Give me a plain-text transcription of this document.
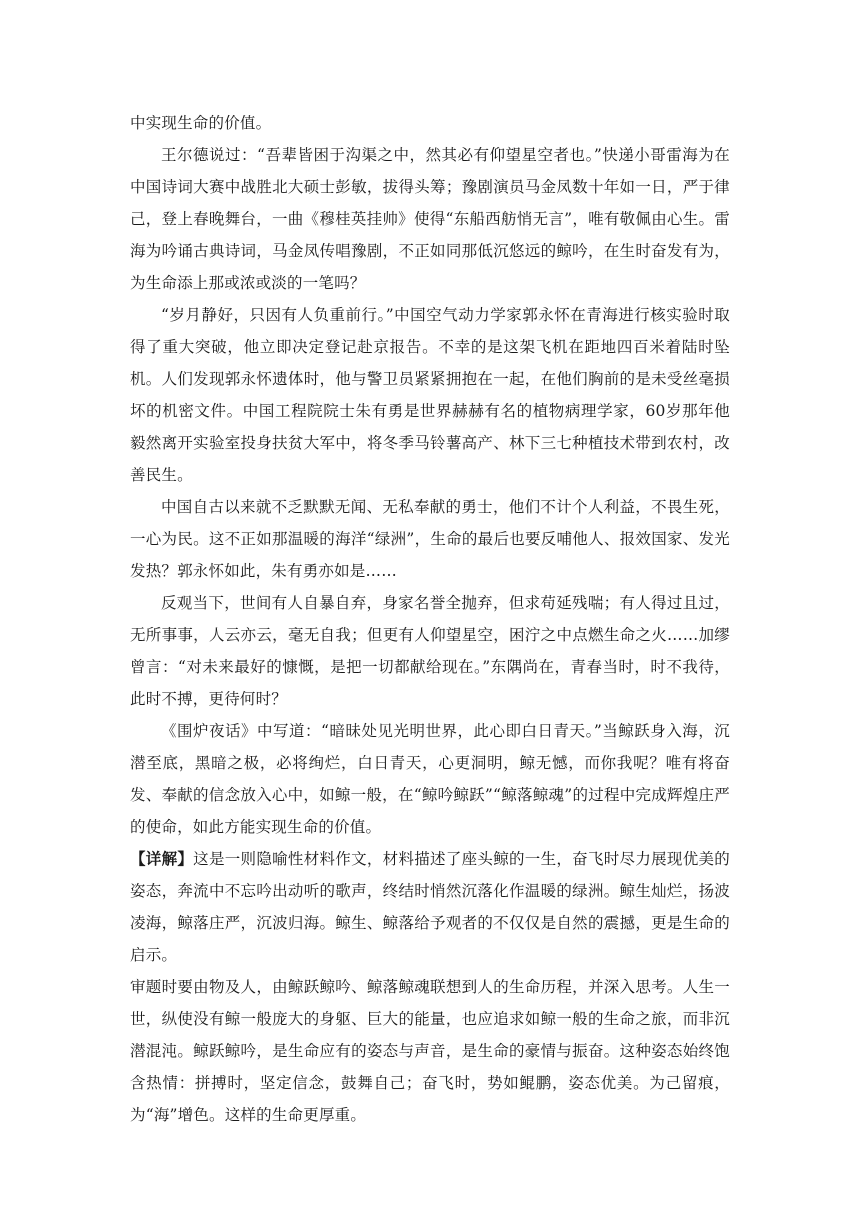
中实现生命的价值。

王尔德说过：“吾辈皆困于沟渠之中，然其必有仰望星空者也。”快递小哥雷海为在中国诗词大赛中战胜北大硕士彭敏，拔得头筹；豫剧演员马金凤数十年如一日，严于律己，登上春晚舞台，一曲《穆桂英挂帅》使得“东船西舫悄无言”，唯有敬佩由心生。雷海为吟诵古典诗词，马金凤传唱豫剧，不正如同那低沉悠远的鲸吟，在生时奋发有为，为生命添上那或浓或淡的一笔吗？

“岁月静好，只因有人负重前行。”中国空气动力学家郭永怀在青海进行核实验时取得了重大突破，他立即决定登记赴京报告。不幸的是这架飞机在距地四百米着陆时坠机。人们发现郭永怀遗体时，他与警卫员紧紧拥抱在一起，在他们胸前的是未受丝毫损坏的机密文件。中国工程院院士朱有勇是世界赫赫有名的植物病理学家，60岁那年他毅然离开实验室投身扶贫大军中，将冬季马铃薯高产、林下三七种植技术带到农村，改善民生。

中国自古以来就不乏默默无闻、无私奉献的勇士，他们不计个人利益，不畏生死，一心为民。这不正如那温暖的海洋“绿洲”，生命的最后也要反哺他人、报效国家、发光发热？郭永怀如此，朱有勇亦如是……

反观当下，世间有人自暴自弃，身家名誉全抛弃，但求苟延残喘；有人得过且过，无所事事，人云亦云，毫无自我；但更有人仰望星空，困泞之中点燃生命之火……加缪曾言：“对未来最好的慷慨，是把一切都献给现在。”东隅尚在，青春当时，时不我待，此时不搏，更待何时？

《围炉夜话》中写道：“暗昧处见光明世界，此心即白日青天。”当鲸跃身入海，沉潜至底，黑暗之极，必将绚烂，白日青天，心更洞明，鲸无憾，而你我呢？唯有将奋发、奉献的信念放入心中，如鲸一般，在“鲸吟鲸跃”“鲸落鲸魂”的过程中完成辉煌庄严的使命，如此方能实现生命的价值。

【详解】这是一则隐喻性材料作文，材料描述了座头鲸的一生，奋飞时尽力展现优美的姿态，奔流中不忘吟出动听的歌声，终结时悄然沉落化作温暖的绿洲。鲸生灿烂，扬波凌海，鲸落庄严，沉波归海。鲸生、鲸落给予观者的不仅仅是自然的震撼，更是生命的启示。

审题时要由物及人，由鲸跃鲸吟、鲸落鲸魂联想到人的生命历程，并深入思考。人生一世，纵使没有鲸一般庞大的身躯、巨大的能量，也应追求如鲸一般的生命之旅，而非沉潜混沌。鲸跃鲸吟，是生命应有的姿态与声音，是生命的豪情与振奋。这种姿态始终饱含热情：拼搏时，坚定信念，鼓舞自己；奋飞时，势如鲲鹏，姿态优美。为己留痕，为“海”增色。这样的生命更厚重。
